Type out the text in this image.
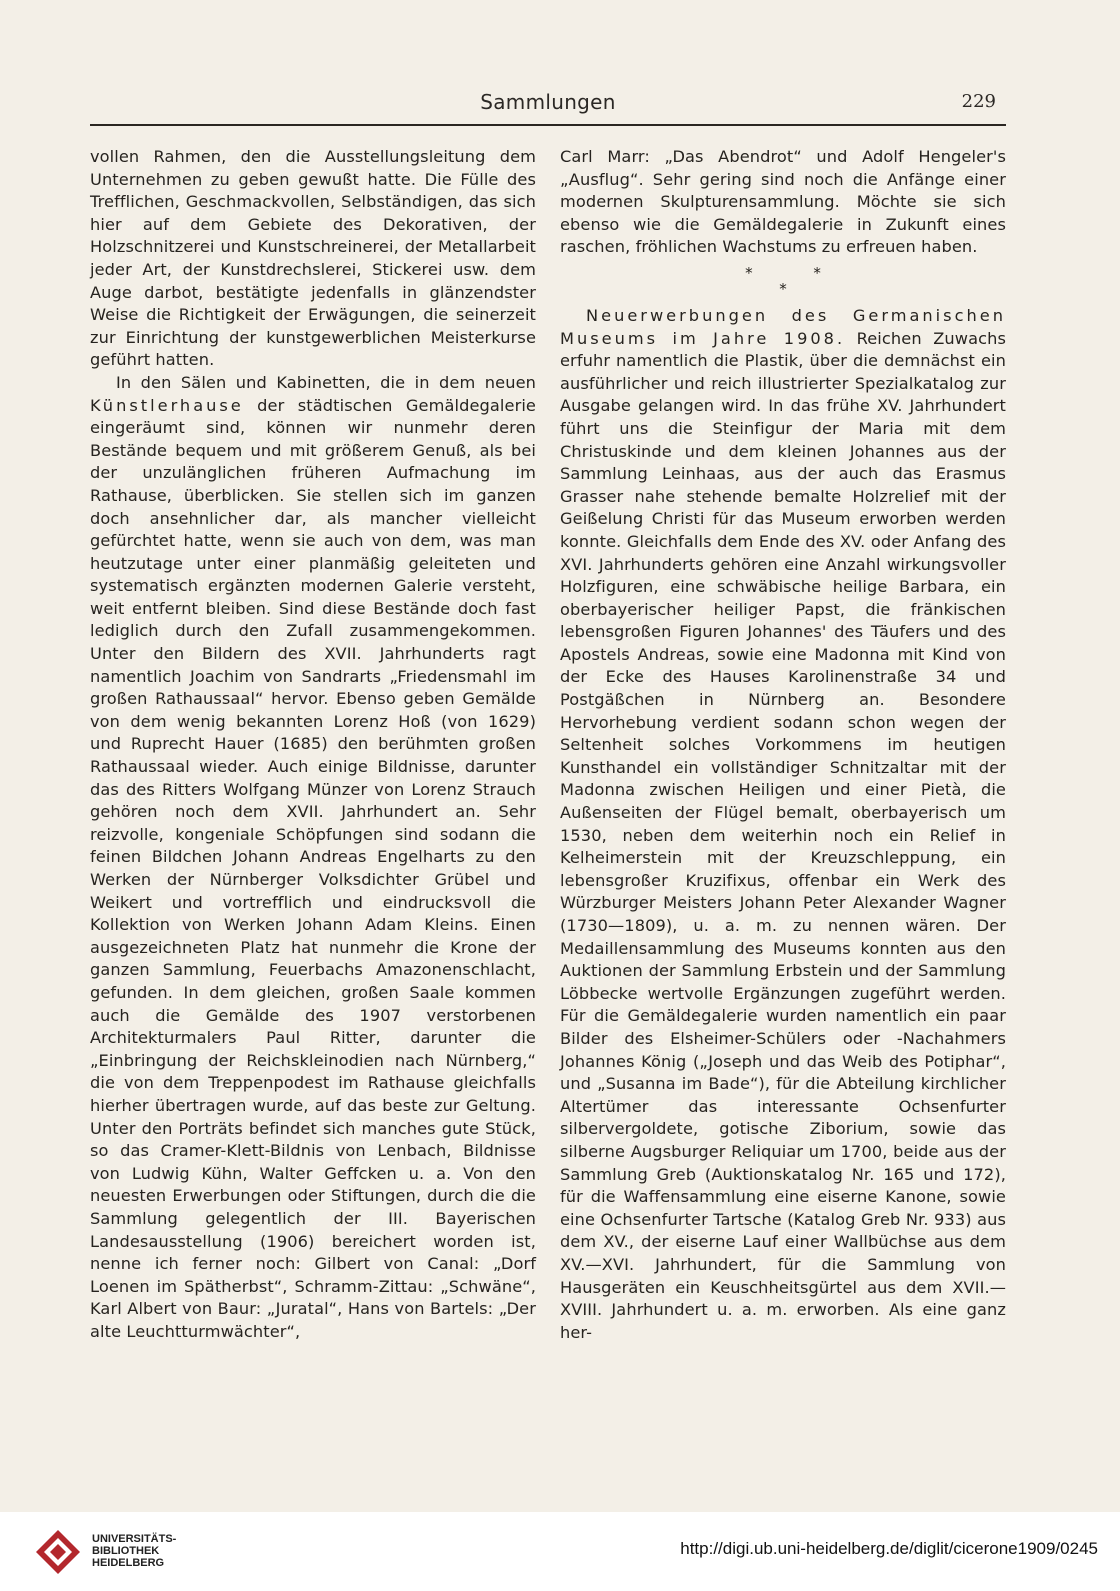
Sammlungen	229

vollen Rahmen, den die Ausstellungsleitung dem Unternehmen zu geben gewußt hatte. Die Fülle des Trefflichen, Geschmackvollen, Selbständigen, das sich hier auf dem Gebiete des Dekorativen, der Holzschnitzerei und Kunstschreinerei, der Metallarbeit jeder Art, der Kunstdrechslerei, Stickerei usw. dem Auge darbot, bestätigte jedenfalls in glänzendster Weise die Richtigkeit der Erwägungen, die seinerzeit zur Einrichtung der kunstgewerblichen Meisterkurse geführt hatten.

In den Sälen und Kabinetten, die in dem neuen Künstlerhause der städtischen Gemäldegalerie eingeräumt sind, können wir nunmehr deren Bestände bequem und mit größerem Genuß, als bei der unzulänglichen früheren Aufmachung im Rathause, überblicken. Sie stellen sich im ganzen doch ansehnlicher dar, als mancher vielleicht gefürchtet hatte, wenn sie auch von dem, was man heutzutage unter einer planmäßig geleiteten und systematisch ergänzten modernen Galerie versteht, weit entfernt bleiben. Sind diese Bestände doch fast lediglich durch den Zufall zusammengekommen. Unter den Bildern des XVII. Jahrhunderts ragt namentlich Joachim von Sandrarts „Friedensmahl im großen Rathaussaal“ hervor. Ebenso geben Gemälde von dem wenig bekannten Lorenz Hoß (von 1629) und Ruprecht Hauer (1685) den berühmten großen Rathaussaal wieder. Auch einige Bildnisse, darunter das des Ritters Wolfgang Münzer von Lorenz Strauch gehören noch dem XVII. Jahrhundert an. Sehr reizvolle, kongeniale Schöpfungen sind sodann die feinen Bildchen Johann Andreas Engelharts zu den Werken der Nürnberger Volksdichter Grübel und Weikert und vortrefflich und eindrucksvoll die Kollektion von Werken Johann Adam Kleins. Einen ausgezeichneten Platz hat nunmehr die Krone der ganzen Sammlung, Feuerbachs Amazonenschlacht, gefunden. In dem gleichen, großen Saale kommen auch die Gemälde des 1907 verstorbenen Architekturmalers Paul Ritter, darunter die „Einbringung der Reichskleinodien nach Nürnberg,“ die von dem Treppenpodest im Rathause gleichfalls hierher übertragen wurde, auf das beste zur Geltung. Unter den Porträts befindet sich manches gute Stück, so das Cramer-Klett-Bildnis von Lenbach, Bildnisse von Ludwig Kühn, Walter Geffcken u. a. Von den neuesten Erwerbungen oder Stiftungen, durch die die Sammlung gelegentlich der III. Bayerischen Landesausstellung (1906) bereichert worden ist, nenne ich ferner noch: Gilbert von Canal: „Dorf Loenen im Spätherbst“, Schramm-Zittau: „Schwäne“, Karl Albert von Baur: „Juratal“, Hans von Bartels: „Der alte Leuchtturmwächter“,

Carl Marr: „Das Abendrot“ und Adolf Hengeler's „Ausflug“. Sehr gering sind noch die Anfänge einer modernen Skulpturensammlung. Möchte sie sich ebenso wie die Gemäldegalerie in Zukunft eines raschen, fröhlichen Wachstums zu erfreuen haben.

* *
*

Neuerwerbungen des Germanischen Museums im Jahre 1908. Reichen Zuwachs erfuhr namentlich die Plastik, über die demnächst ein ausführlicher und reich illustrierter Spezialkatalog zur Ausgabe gelangen wird. In das frühe XV. Jahrhundert führt uns die Steinfigur der Maria mit dem Christuskinde und dem kleinen Johannes aus der Sammlung Leinhaas, aus der auch das Erasmus Grasser nahe stehende bemalte Holzrelief mit der Geißelung Christi für das Museum erworben werden konnte. Gleichfalls dem Ende des XV. oder Anfang des XVI. Jahrhunderts gehören eine Anzahl wirkungsvoller Holzfiguren, eine schwäbische heilige Barbara, ein oberbayerischer heiliger Papst, die fränkischen lebensgroßen Figuren Johannes' des Täufers und des Apostels Andreas, sowie eine Madonna mit Kind von der Ecke des Hauses Karolinenstraße 34 und Postgäßchen in Nürnberg an. Besondere Hervorhebung verdient sodann schon wegen der Seltenheit solches Vorkommens im heutigen Kunsthandel ein vollständiger Schnitzaltar mit der Madonna zwischen Heiligen und einer Pietà, die Außenseiten der Flügel bemalt, oberbayerisch um 1530, neben dem weiterhin noch ein Relief in Kelheimerstein mit der Kreuzschleppung, ein lebensgroßer Kruzifixus, offenbar ein Werk des Würzburger Meisters Johann Peter Alexander Wagner (1730—1809), u. a. m. zu nennen wären. Der Medaillensammlung des Museums konnten aus den Auktionen der Sammlung Erbstein und der Sammlung Löbbecke wertvolle Ergänzungen zugeführt werden. Für die Gemäldegalerie wurden namentlich ein paar Bilder des Elsheimer-Schülers oder -Nachahmers Johannes König („Joseph und das Weib des Potiphar“, und „Susanna im Bade“), für die Abteilung kirchlicher Altertümer das interessante Ochsenfurter silbervergoldete, gotische Ziborium, sowie das silberne Augsburger Reliquiar um 1700, beide aus der Sammlung Greb (Auktionskatalog Nr. 165 und 172), für die Waffensammlung eine eiserne Kanone, sowie eine Ochsenfurter Tartsche (Katalog Greb Nr. 933) aus dem XV., der eiserne Lauf einer Wallbüchse aus dem XV.—XVI. Jahrhundert, für die Sammlung von Hausgeräten ein Keuschheitsgürtel aus dem XVII.—XVIII. Jahrhundert u. a. m. erworben. Als eine ganz her-

UNIVERSITÄTS-
BIBLIOTHEK
HEIDELBERG
http://digi.ub.uni-heidelberg.de/diglit/cicerone1909/0245
